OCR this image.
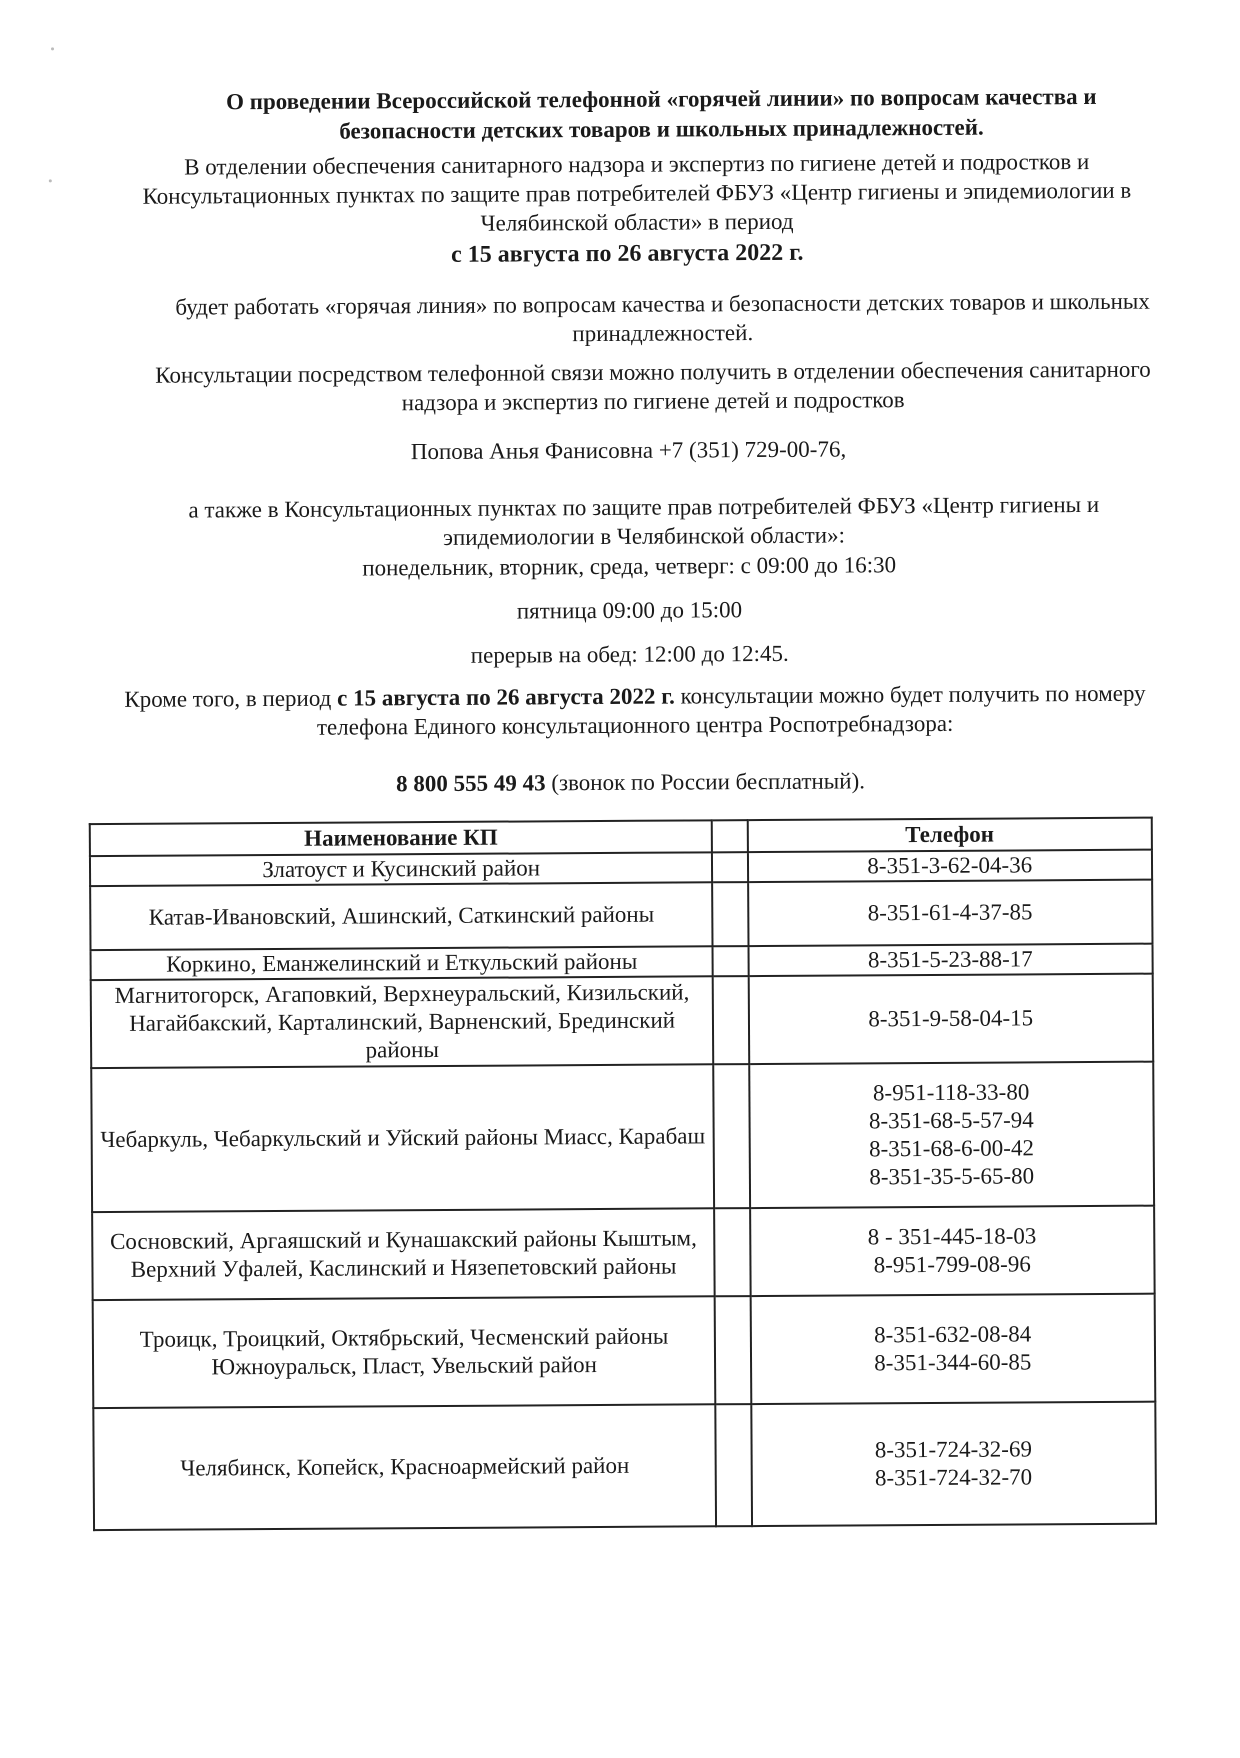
О проведении Всероссийской телефонной «горячей линии» по вопросам качества и безопасности детских товаров и школьных принадлежностей.

В отделении обеспечения санитарного надзора и экспертиз по гигиене детей и подростков и Консультационных пунктах по защите прав потребителей ФБУЗ «Центр гигиены и эпидемиологии в Челябинской области» в период

с 15 августа по 26 августа 2022 г.

будет работать «горячая линия» по вопросам качества и безопасности детских товаров и школьных принадлежностей.

Консультации посредством телефонной связи можно получить в отделении обеспечения санитарного надзора и экспертиз по гигиене детей и подростков

Попова Анья Фанисовна +7 (351) 729-00-76,

а также в Консультационных пунктах по защите прав потребителей ФБУЗ «Центр гигиены и эпидемиологии в Челябинской области»:

понедельник, вторник, среда, четверг: с 09:00 до 16:30

пятница 09:00 до 15:00

перерыв на обед: 12:00 до 12:45.

Кроме того, в период с 15 августа по 26 августа 2022 г. консультации можно будет получить по номеру телефона Единого консультационного центра Роспотребнадзора:

8 800 555 49 43 (звонок по России бесплатный).

Наименование КП		Телефон
Златоуст и Кусинский район		8-351-3-62-04-36

Катав-Ивановский, Ашинский, Саткинский районы		8-351-61-4-37-85

Коркино, Еманжелинский и Еткульский районы		8-351-5-23-88-17

Магнитогорск, Агаповкий, Верхнеуральский, Кизильский, Нагайбакский, Карталинский, Варненский, Брединский районы		8-351-9-58-04-15

Чебаркуль, Чебаркульский и Уйский районы Миасс, Карабаш		8-951-118-33-80
8-351-68-5-57-94
8-351-68-6-00-42
8-351-35-5-65-80

Сосновский, Аргаяшский и Кунашакский районы Кыштым, Верхний Уфалей, Каслинский и Нязепетовский районы		8 - 351-445-18-03
8-951-799-08-96

Троицк, Троицкий, Октябрьский, Чесменский районы Южноуральск, Пласт, Увельский район		8-351-632-08-84
8-351-344-60-85

Челябинск, Копейск, Красноармейский район		8-351-724-32-69
8-351-724-32-70
